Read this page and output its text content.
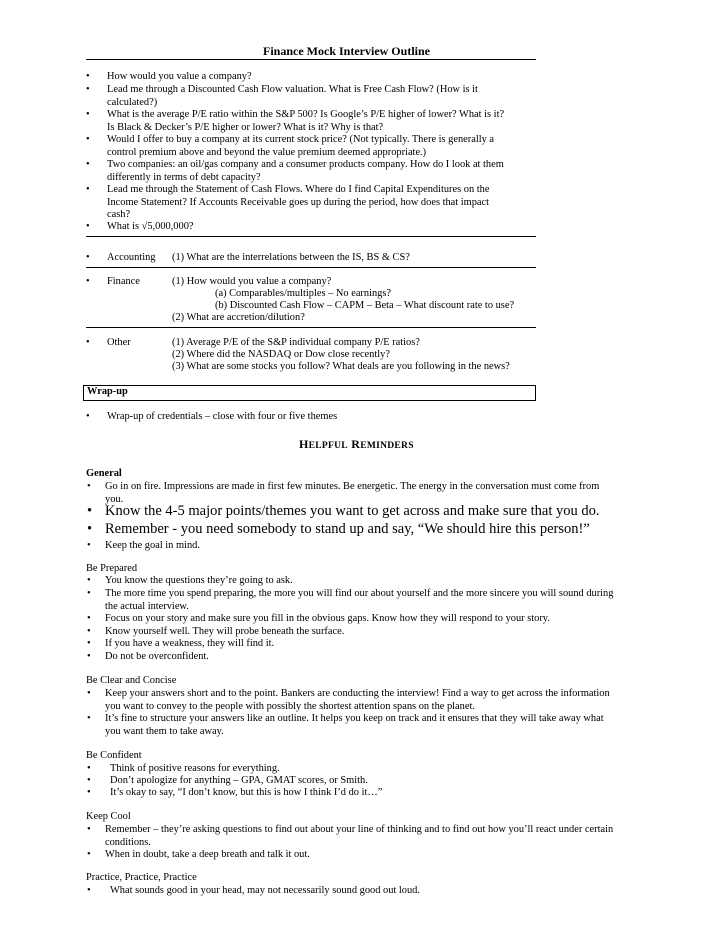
Finance Mock Interview Outline
• How would you value a company?
• Lead me through a Discounted Cash Flow valuation. What is Free Cash Flow? (How is it
calculated?)
• What is the average P/E ratio within the S&P 500? Is Google’s P/E higher of lower? What is it?
Is Black & Decker’s P/E higher or lower? What is it? Why is that?
• Would I offer to buy a company at its current stock price? (Not typically. There is generally a
control premium above and beyond the value premium deemed appropriate.)
• Two companies: an oil/gas company and a consumer products company. How do I look at them
differently in terms of debt capacity?
• Lead me through the Statement of Cash Flows. Where do I find Capital Expenditures on the
Income Statement? If Accounts Receivable goes up during the period, how does that impact
cash?
• What is √5,000,000?
• Accounting (1) What are the interrelations between the IS, BS & CS?
• Finance	(1) How would you value a company?
(a) Comparables/multiples – No earnings?
(b) Discounted Cash Flow – CAPM – Beta – What discount rate to use?
(2) What are accretion/dilution?
• Other	(1) Average P/E of the S&P individual company P/E ratios?
(2) Where did the NASDAQ or Dow close recently?
(3) What are some stocks you follow? What deals are you following in the news?
Wrap-up
• Wrap-up of credentials – close with four or five themes
HELPFUL REMINDERS
General
• Go in on fire. Impressions are made in first few minutes. Be energetic. The energy in the conversation must come from
you.
• Know the 4-5 major points/themes you want to get across and make sure that you do.
• Remember - you need somebody to stand up and say, “We should hire this person!”
• Keep the goal in mind.
Be Prepared
• You know the questions they’re going to ask.
• The more time you spend preparing, the more you will find our about yourself and the more sincere you will sound during
the actual interview.
• Focus on your story and make sure you fill in the obvious gaps. Know how they will respond to your story.
• Know yourself well. They will probe beneath the surface.
• If you have a weakness, they will find it.
• Do not be overconfident.
Be Clear and Concise
• Keep your answers short and to the point. Bankers are conducting the interview! Find a way to get across the information
you want to convey to the people with possibly the shortest attention spans on the planet.
• It’s fine to structure your answers like an outline. It helps you keep on track and it ensures that they will take away what
you want them to take away.
Be Confident
• Think of positive reasons for everything.
• Don’t apologize for anything – GPA, GMAT scores, or Smith.
• It’s okay to say, “I don’t know, but this is how I think I’d do it…”
Keep Cool
• Remember – they’re asking questions to find out about your line of thinking and to find out how you’ll react under certain
conditions.
• When in doubt, take a deep breath and talk it out.
Practice, Practice, Practice
• What sounds good in your head, may not necessarily sound good out loud.
